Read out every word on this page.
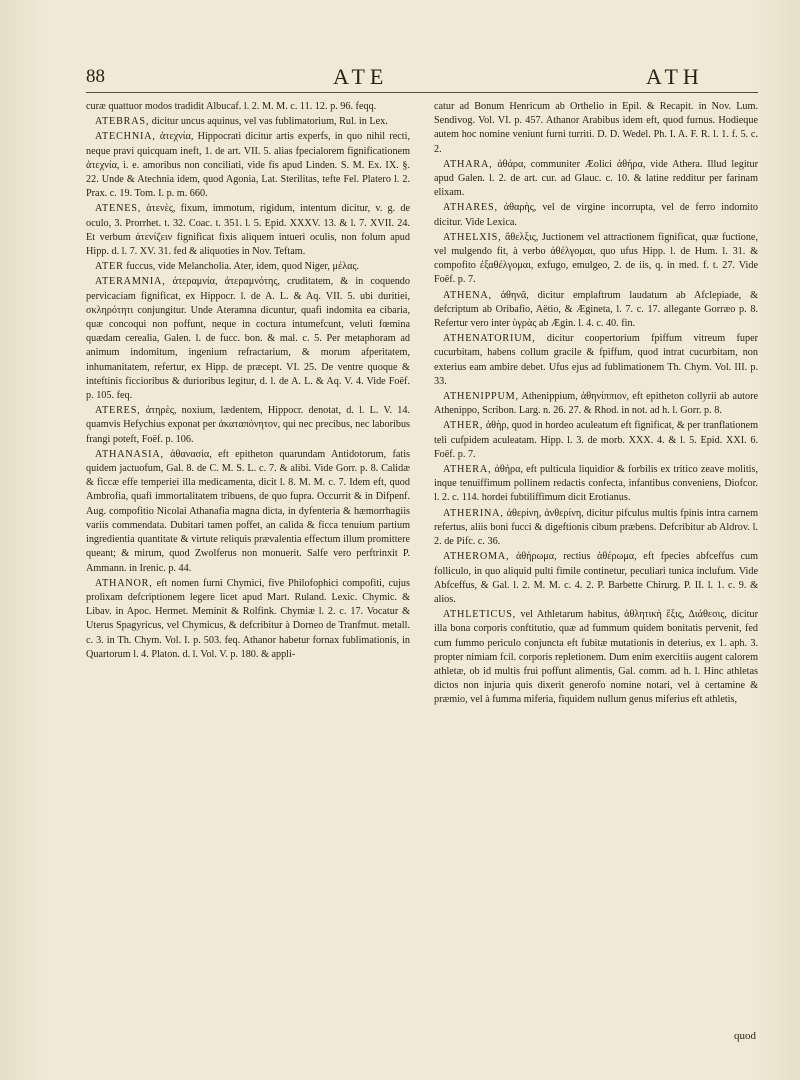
88	ATE	ATH

curæ quattuor modos tradidit Albucaf. l. 2. M. M. c. 11. 12. p. 96. feqq.

ATEBRAS, dicitur uncus aquinus, vel vas fublimatorium, Rul. in Lex.

ATECHNIA, ἀτεχνία, Hippocrati dicitur artis experfs, in quo nihil recti, neque pravi quicquam ineft, 1. de art. VII. 5. alias fpecialorem fignificationem ἀτεχνία, i. e. amoribus non conciliati, vide fis apud Linden. S. M. Ex. IX. §. 22. Unde & Atechnia idem, quod Agonia, Lat. Sterilitas, tefte Fel. Platero l. 2. Prax. c. 19. Tom. I. p. m. 660.

ATENES, ἀτενὲς, fixum, immotum, rigidum, intentum dicitur, v. g. de oculo, 3. Prorrhet. t. 32. Coac. t. 351. l. 5. Epid. XXXV. 13. & l. 7. XVII. 24. Et verbum ἀτενίζειν fignificat fixis aliquem intueri oculis, non folum apud Hipp. d. l. 7. XV. 31. fed & aliquoties in Nov. Teftam.

ATER fuccus, vide Melancholia. Ater, idem, quod Niger, μέλας.

ATERAMNIA, ἀτεραμνία, ἀτεραμνότης, cruditatem, & in coquendo pervicaciam fignificat, ex Hippocr. l. de A. L. & Aq. VII. 5. ubi duritiei, σκληρότητι conjungitur. Unde Ateramna dicuntur, quafi indomita ea cibaria, quæ concoqui non poffunt, neque in coctura intumefcunt, veluti fœmina quædam cerealia, Galen. l. de fucc. bon. & mal. c. 5. Per metaphoram ad animum indomitum, ingenium refractarium, & morum afperitatem, inhumanitatem, refertur, ex Hipp. de præcept. VI. 25. De ventre quoque & inteftinis ficcioribus & durioribus legitur, d. l. de A. L. & Aq. V. 4. Vide Foëf. p. 105. feq.

ATERES, ἀτηρὲς, noxium, lædentem, Hippocr. denotat, d. l. L. V. 14. quamvis Hefychius exponat per ἀκαταπόνητον, qui nec precibus, nec laboribus frangi poteft, Foëf. p. 106.

ATHANASIA, ἀθανασία, eft epitheton quarundam Antidotorum, fatis quidem jactuofum, Gal. 8. de C. M. S. L. c. 7. & alibi. Vide Gorr. p. 8. Calidæ & ficcæ effe temperiei illa medicamenta, dicit l. 8. M. M. c. 7. Idem eft, quod Ambrofia, quafi immortalitatem tribuens, de quo fupra. Occurrit & in Difpenf. Aug. compofitio Nicolai Athanafia magna dicta, in dyfenteria & hæmorrhagiis variis commendata. Dubitari tamen poffet, an calida & ficca tenuium partium ingredientia quantitate & virtute reliquis prævalentia effectum illum promittere queant; & mirum, quod Zwolferus non monuerit. Salfe vero perftrinxit P. Ammann. in Irenic. p. 44.

ATHANOR, eft nomen furni Chymici, five Philofophici compofiti, cujus prolixam defcriptionem legere licet apud Mart. Ruland. Lexic. Chymic. & Libav. in Apoc. Hermet. Meminit & Rolfink. Chymiæ l. 2. c. 17. Vocatur & Uterus Spagyricus, vel Chymicus, & defcribitur à Dorneo de Tranfmut. metall. c. 3. in Th. Chym. Vol. I. p. 503. feq. Athanor habetur fornax fublimationis, in Quartorum l. 4. Platon. d. l. Vol. V. p. 180. & appli-

catur ad Bonum Henricum ab Orthelio in Epil. & Recapit. in Nov. Lum. Sendivog. Vol. VI. p. 457. Athanor Arabibus idem eft, quod furnus. Hodieque autem hoc nomine veniunt furni turriti. D. D. Wedel. Ph. I. A. F. R. l. 1. f. 5. c. 2.

ATHARA, ἀθάρα, communiter Æolici ἀθήρα, vide Athera. Illud legitur apud Galen. l. 2. de art. cur. ad Glauc. c. 10. & latine redditur per farinam elixam.

ATHARES, ἀθαρὴς, vel de virgine incorrupta, vel de ferro indomito dicitur. Vide Lexica.

ATHELXIS, ἄθελξις, Juctionem vel attractionem fignificat, quæ fuctione, vel mulgendo fit, à verbo ἀθέλγομαι, quo ufus Hipp. l. de Hum. l. 31. & compofito ἐξαθέλγομαι, exfugo, emulgeo, 2. de iis, q. in med. f. t. 27. Vide Foëf. p. 7.

ATHENA, ἀθηνᾶ, dicitur emplaftrum laudatum ab Afclepiade, & defcriptum ab Oribafio, Aëtio, & Ægineta, l. 7. c. 17. allegante Gorræo p. 8. Refertur vero inter ὑγρὰς ab Ægin. l. 4. c. 40. fin.

ATHENATORIUM, dicitur coopertorium fpiffum vitreum fuper cucurbitam, habens collum gracile & fpiffum, quod intrat cucurbitam, non exterius eam ambire debet. Ufus ejus ad fublimationem Th. Chym. Vol. III. p. 33.

ATHENIPPUM, Athenippium, ἀθηνίππιον, eft epitheton collyrii ab autore Athenippo, Scribon. Larg. n. 26. 27. & Rhod. in not. ad h. l. Gorr. p. 8.

ATHER, ἀθὴρ, quod in hordeo aculeatum eft fignificat, & per tranflationem teli cufpidem aculeatam. Hipp. l. 3. de morb. XXX. 4. & l. 5. Epid. XXI. 6. Foëf. p. 7.

ATHERA, ἀθήρα, eft pulticula liquidior & forbilis ex tritico zeave molitis, inque tenuiffimum pollinem redactis confecta, infantibus conveniens, Diofcor. l. 2. c. 114. hordei fubtiliffimum dicit Erotianus.

ATHERINA, ἀθερίνη, ἀνθερίνη, dicitur pifculus multis fpinis intra carnem refertus, aliis boni fucci & digeftionis cibum præbens. Defcribitur ab Aldrov. l. 2. de Pifc. c. 36.

ATHEROMA, ἀθήρωμα, rectius ἀθέρωμα, eft fpecies abfceffus cum folliculo, in quo aliquid pulti fimile continetur, peculiari tunica inclufum. Vide Abfceffus, & Gal. l. 2. M. M. c. 4. 2. P. Barbette Chirurg. P. II. l. 1. c. 9. & alios.

ATHLETICUS, vel Athletarum habitus, ἀθλητικὴ ἕξις, Διάθεσις, dicitur illa bona corporis conftitutio, quæ ad fummum quidem bonitatis pervenit, fed cum fummo periculo conjuncta eft fubitæ mutationis in deterius, ex 1. aph. 3. propter nimiam fcil. corporis repletionem. Dum enim exercitiis augent calorem athletæ, ob id multis frui poffunt alimentis, Gal. comm. ad h. l. Hinc athletas dictos non injuria quis dixerit generofo nomine notari, vel à certamine & præmio, vel à fumma miferia, fiquidem nullum genus miferius eft athletis,

quod
